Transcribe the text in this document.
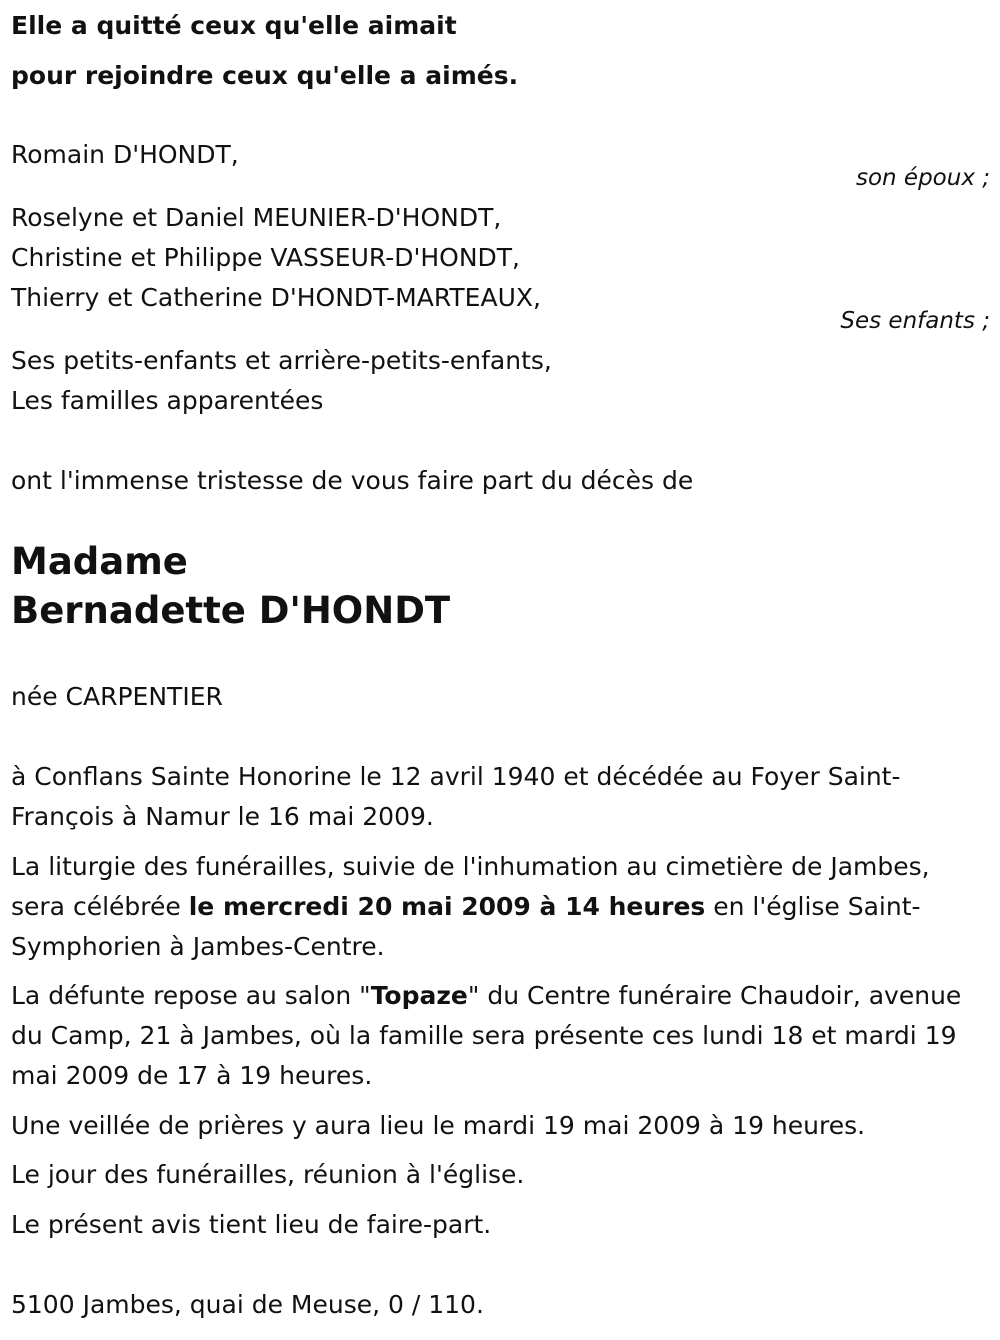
Elle a quitté ceux qu'elle aimait

pour rejoindre ceux qu'elle a aimés.

Romain D'HONDT,

son époux ;

Roselyne et Daniel MEUNIER-D'HONDT,

Christine et Philippe VASSEUR-D'HONDT,

Thierry et Catherine D'HONDT-MARTEAUX,

Ses enfants ;

Ses petits-enfants et arrière-petits-enfants,

Les familles apparentées

ont l'immense tristesse de vous faire part du décès de

Madame

Bernadette D'HONDT

née CARPENTIER

à Conflans Sainte Honorine le 12 avril 1940 et décédée au Foyer Saint-François à Namur le 16 mai 2009.

La liturgie des funérailles, suivie de l'inhumation au cimetière de Jambes, sera célébrée le mercredi 20 mai 2009 à 14 heures en l'église Saint-Symphorien à Jambes-Centre.

La défunte repose au salon "Topaze" du Centre funéraire Chaudoir, avenue du Camp, 21 à Jambes, où la famille sera présente ces lundi 18 et mardi 19 mai 2009 de 17 à 19 heures.

Une veillée de prières y aura lieu le mardi 19 mai 2009 à 19 heures.

Le jour des funérailles, réunion à l'église.

Le présent avis tient lieu de faire-part.

5100 Jambes, quai de Meuse, 0 / 110.
